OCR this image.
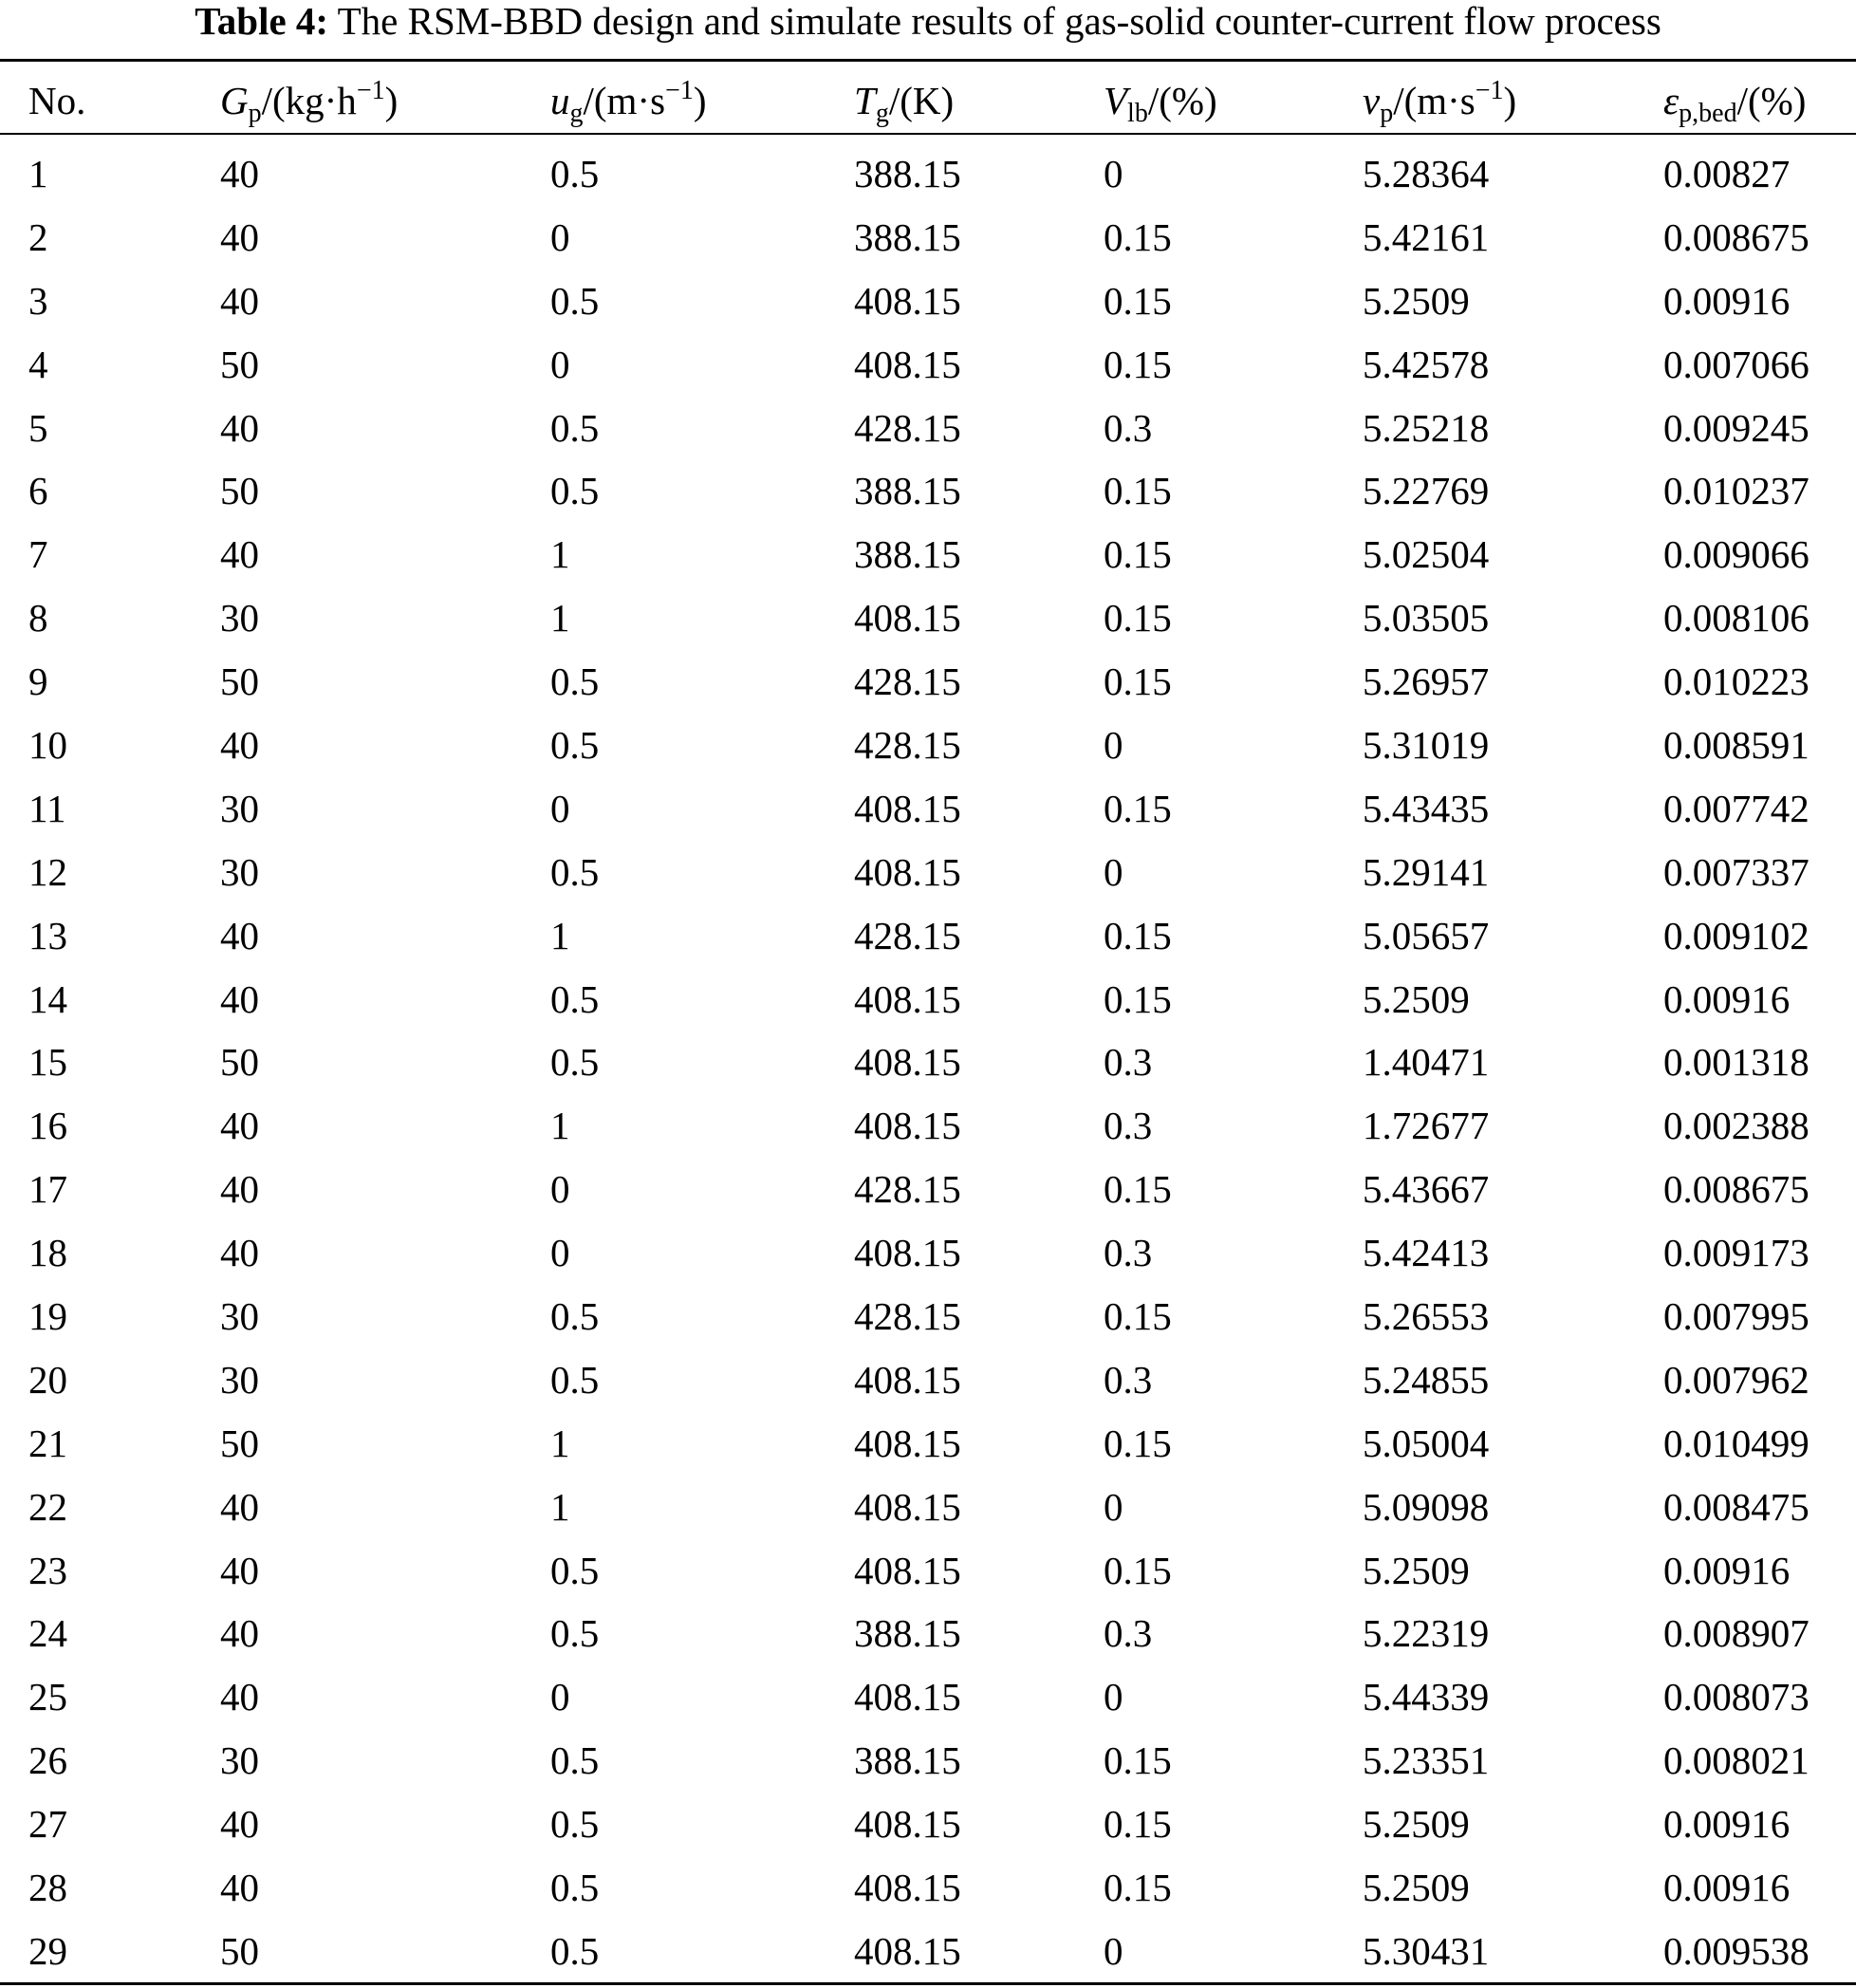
Table 4: The RSM-BBD design and simulate results of gas-solid counter-current flow process
No.	$G_p/(kg\cdot h^{-1})$	$u_g/(m\cdot s^{-1})$	$T_g/(K)$	$V_{lb}/(\%)$	$v_p/(m\cdot s^{-1})$	$\varepsilon_{p,bed}/(\%)$
1	40	0.5	388.15	0	5.28364	0.00827
2	40	0	388.15	0.15	5.42161	0.008675
3	40	0.5	408.15	0.15	5.2509	0.00916
4	50	0	408.15	0.15	5.42578	0.007066
5	40	0.5	428.15	0.3	5.25218	0.009245
6	50	0.5	388.15	0.15	5.22769	0.010237
7	40	1	388.15	0.15	5.02504	0.009066
8	30	1	408.15	0.15	5.03505	0.008106
9	50	0.5	428.15	0.15	5.26957	0.010223
10	40	0.5	428.15	0	5.31019	0.008591
11	30	0	408.15	0.15	5.43435	0.007742
12	30	0.5	408.15	0	5.29141	0.007337
13	40	1	428.15	0.15	5.05657	0.009102
14	40	0.5	408.15	0.15	5.2509	0.00916
15	50	0.5	408.15	0.3	1.40471	0.001318
16	40	1	408.15	0.3	1.72677	0.002388
17	40	0	428.15	0.15	5.43667	0.008675
18	40	0	408.15	0.3	5.42413	0.009173
19	30	0.5	428.15	0.15	5.26553	0.007995
20	30	0.5	408.15	0.3	5.24855	0.007962
21	50	1	408.15	0.15	5.05004	0.010499
22	40	1	408.15	0	5.09098	0.008475
23	40	0.5	408.15	0.15	5.2509	0.00916
24	40	0.5	388.15	0.3	5.22319	0.008907
25	40	0	408.15	0	5.44339	0.008073
26	30	0.5	388.15	0.15	5.23351	0.008021
27	40	0.5	408.15	0.15	5.2509	0.00916
28	40	0.5	408.15	0.15	5.2509	0.00916
29	50	0.5	408.15	0	5.30431	0.009538
